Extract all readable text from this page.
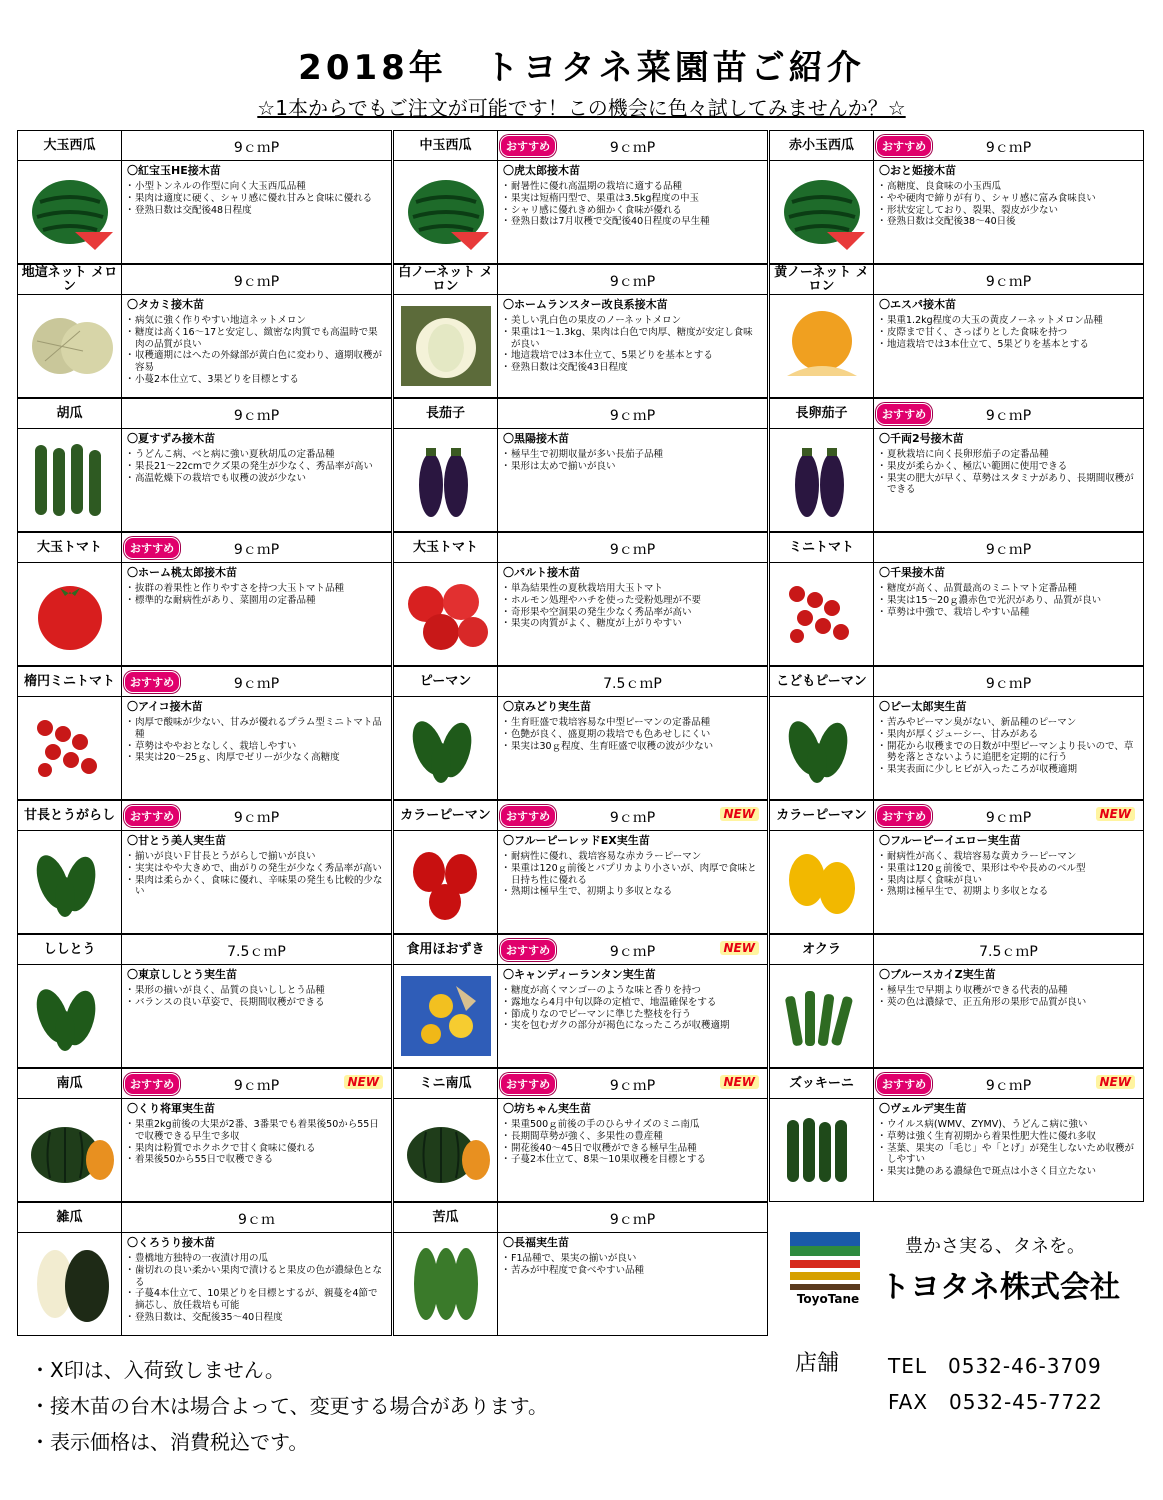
2018年　トヨタネ菜園苗ご紹介
☆1本からでもご注文が可能です！この機会に色々試してみませんか？☆
大玉西瓜	9ｃｍP
〇紅宝玉HE接木苗
・ 小型トンネルの作型に向く大玉西瓜品種
・ 果肉は適度に硬く、シャリ感に優れ甘みと食味に優れる
・ 登熟日数は交配後48日程度
中玉西瓜	おすすめ	9ｃｍP
〇虎太郎接木苗
・ 耐暑性に優れ高温期の栽培に適する品種
・ 果実は短楕円型で、果重は3.5kg程度の中玉
・ シャリ感に優れきめ細かく食味が優れる
・ 登熟日数は7月収穫で交配後40日程度の早生種
赤小玉西瓜	おすすめ	9ｃｍP
〇おと姫接木苗
・ 高糖度、良食味の小玉西瓜
・ やや硬肉で締りが有り、シャリ感に富み食味良い
・ 形状安定しており、裂果、裂皮が少ない
・ 登熟日数は交配後38～40日後
地這ネット メロン	9ｃｍP
〇タカミ接木苗
・ 病気に強く作りやすい地這ネットメロン
・ 糖度は高く16～17と安定し、緻密な肉質でも高温時で果肉の品質が良い
・ 収穫適期にはへたの外縁部が黄白色に変わり、適期収穫が容易
・ 小蔓2本仕立て、3果どりを目標とする
白ノーネット メロン	9ｃｍP
〇ホームランスター改良系接木苗
・ 美しい乳白色の果皮のノーネットメロン
・ 果重は1～1.3kg、果肉は白色で肉厚、糖度が安定し食味が良い
・ 地這栽培では3本仕立て、5果どりを基本とする
・ 登熟日数は交配後43日程度
黄ノーネット メロン	9ｃｍP
〇エスパ接木苗
・ 果重1.2kg程度の大玉の黄皮ノーネットメロン品種
・ 皮際まで甘く、さっぱりとした食味を持つ
・ 地這栽培では3本仕立て、5果どりを基本とする
胡瓜	9ｃｍP
〇夏すずみ接木苗
・ うどんこ病、べと病に強い夏秋胡瓜の定番品種
・ 果長21～22cmでクズ果の発生が少なく、秀品率が高い
・ 高温乾燥下の栽培でも収穫の波が少ない
長茄子	9ｃｍP
〇黒陽接木苗
・ 極早生で初期収量が多い長茄子品種
・ 果形は太めで揃いが良い
長卵茄子	おすすめ	9ｃｍP
〇千両2号接木苗
・ 夏秋栽培に向く長卵形茄子の定番品種
・ 果皮が柔らかく、極広い範囲に使用できる
・ 果実の肥大が早く、草勢はスタミナがあり、長期間収穫ができる
大玉トマト	おすすめ	9ｃｍP
〇ホーム桃太郎接木苗
・ 抜群の着果性と作りやすさを持つ大玉トマト品種
・ 標準的な耐病性があり、菜園用の定番品種
大玉トマト	9ｃｍP
〇パルト接木苗
・ 単為結果性の夏秋栽培用大玉トマト
・ ホルモン処理やハチを使った受粉処理が不要
・ 奇形果や空洞果の発生少なく秀品率が高い
・ 果実の肉質がよく、糖度が上がりやすい
ミニトマト	9ｃｍP
〇千果接木苗
・ 糖度が高く、品質最高のミニトマト定番品種
・ 果実は15～20ｇ濃赤色で光沢があり、品質が良い
・ 草勢は中強で、栽培しやすい品種
楕円ミニトマト	おすすめ	9ｃｍP
〇アイコ接木苗
・ 肉厚で酸味が少ない、甘みが優れるプラム型ミニトマト品種
・ 草勢はややおとなしく、栽培しやすい
・ 果実は20～25ｇ、肉厚でゼリーが少なく高糖度
ピーマン	7.5ｃｍP
〇京みどり実生苗
・ 生育旺盛で栽培容易な中型ピーマンの定番品種
・ 色艶が良く、盛夏期の栽培でも色あせしにくい
・ 果実は30ｇ程度、生育旺盛で収穫の波が少ない
こどもピーマン	9ｃｍP
〇ピー太郎実生苗
・ 苦みやピーマン臭がない、新品種のピーマン
・ 果肉が厚くジューシー、甘みがある
・ 開花から収穫までの日数が中型ピーマンより長いので、草勢を落とさないように追肥を定期的に行う
・ 果実表面に少しヒビが入ったころが収穫適期
甘長とうがらし	おすすめ	9ｃｍP
〇甘とう美人実生苗
・ 揃いが良いＦ甘長とうがらしで揃いが良い
・ 実実はやや大きめで、曲がりの発生が少なく秀品率が高い
・ 果肉は柔らかく、食味に優れ、辛味果の発生も比較的少ない
カラーピーマン	おすすめ	9ｃｍP	NEW
〇フルーピーレッドEX実生苗
・ 耐病性に優れ、栽培容易な赤カラーピーマン
・ 果重は120ｇ前後とパプリカより小さいが、肉厚で食味と日持ち性に優れる
・ 熟期は極早生で、初期より多収となる
カラーピーマン	おすすめ	9ｃｍP	NEW
〇フルーピーイエロー実生苗
・ 耐病性が高く、栽培容易な黄カラーピーマン
・ 果重は120ｇ前後で、果形はやや長めのベル型
・ 果肉は厚く食味が良い
・ 熟期は極早生で、初期より多収となる
ししとう	7.5ｃｍP
〇東京ししとう実生苗
・ 果形の揃いが良く、品質の良いししとう品種
・ バランスの良い草姿で、長期間収穫ができる
食用ほおずき	おすすめ	9ｃｍP	NEW
〇キャンディーランタン実生苗
・ 糖度が高くマンゴーのような味と香りを持つ
・ 露地なら4月中旬以降の定植で、地温確保をする
・ 節成りなのでピーマンに準じた整枝を行う
・ 実を包むガクの部分が褐色になったころが収穫適期
オクラ	7.5ｃｍP
〇ブルースカイZ実生苗
・ 極早生で早期より収穫ができる代表的品種
・ 莢の色は濃緑で、正五角形の果形で品質が良い
南瓜	おすすめ	9ｃｍP	NEW
〇くり将軍実生苗
・ 果重2kg前後の大果が2番、3番果でも着果後50から55日で収穫できる早生で多収
・ 果肉は粉質でホクホクで甘く食味に優れる
・ 着果後50から55日で収穫できる
ミニ南瓜	おすすめ	9ｃｍP	NEW
〇坊ちゃん実生苗
・ 果重500ｇ前後の手のひらサイズのミニ南瓜
・ 長期間草勢が強く、多果性の豊産種
・ 開花後40～45日で収穫ができる極早生品種
・ 子蔓2本仕立て、8果～10果収穫を目標とする
ズッキーニ	おすすめ	9ｃｍP	NEW
〇ヴェルデ実生苗
・ ウイルス病(WMV、ZYMV)、うどんこ病に強い
・ 草勢は強く生育初期から着果性肥大性に優れ多収
・ 茎葉、果実の「毛じ」や「とげ」が発生しないため収穫がしやすい
・ 果実は艶のある濃緑色で斑点は小さく目立たない
雑瓜	9ｃｍ
〇くろうり接木苗
・ 豊橋地方独特の一夜漬け用の瓜
・ 歯切れの良い柔かい果肉で漬けると果皮の色が濃緑色となる
・ 子蔓4本仕立て、10果どりを目標とするが、親蔓を4節で摘芯し、放任栽培も可能
・ 登熟日数は、交配後35～40日程度
苦瓜	9ｃｍP
〇長福実生苗
・ F1品種で、果実の揃いが良い
・ 苦みが中程度で食べやすい品種
ToyoTane
豊かさ実る、タネを。
トヨタネ株式会社
店舗 TEL　0532-46-3709
FAX　0532-45-7722
・X印は、入荷致しません。
・接木苗の台木は場合よって、変更する場合があります。
・表示価格は、消費税込です。
